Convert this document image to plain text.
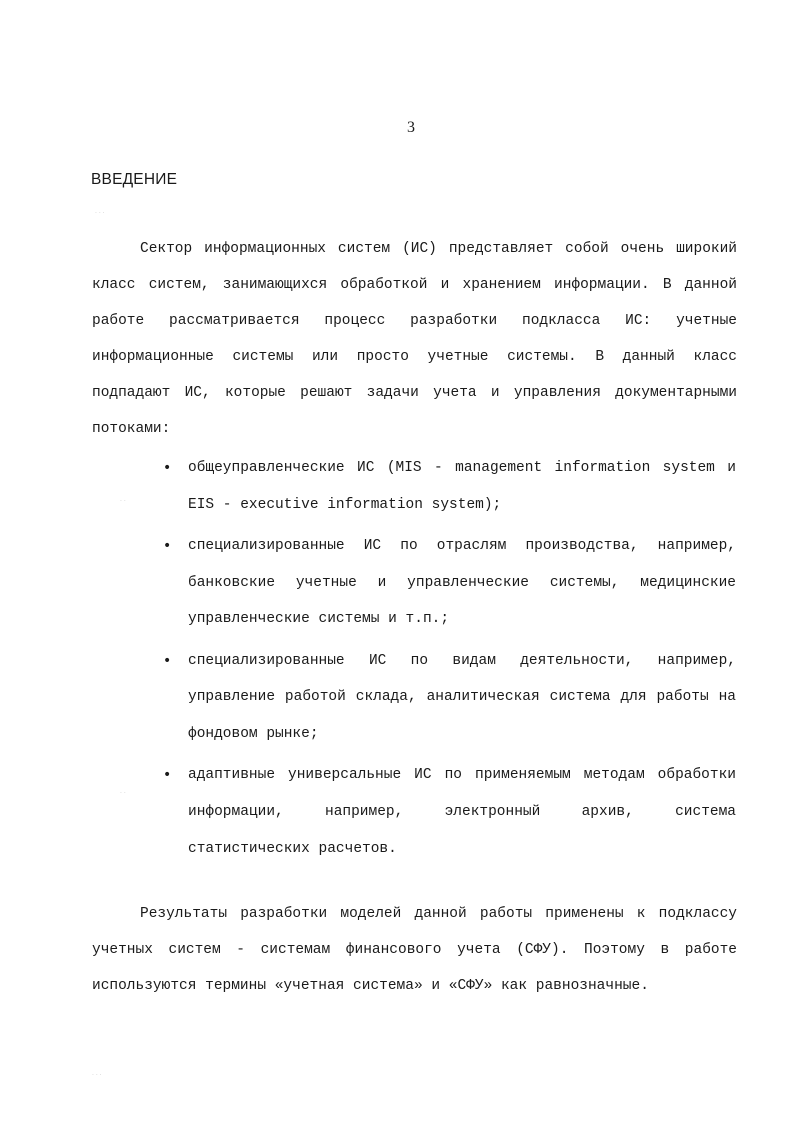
3
ВВЕДЕНИЕ

Сектор информационных систем (ИС) представляет собой очень широкий класс систем, занимающихся обработкой и хранением информации. В данной работе рассматривается процесс разработки подкласса ИС: учетные информационные системы или просто учетные системы. В данный класс подпадают ИС, которые решают задачи учета и управления документарными потоками:

• общеуправленческие ИС (MIS - management information system и EIS - executive information system);
• специализированные ИС по отраслям производства, например, банковские учетные и управленческие системы, медицинские управленческие системы и т.п.;
• специализированные ИС по видам деятельности, например, управление работой склада, аналитическая система для работы на фондовом рынке;
• адаптивные универсальные ИС по применяемым методам обработки информации, например, электронный архив, система статистических расчетов.

Результаты разработки моделей данной работы применены к подклассу учетных систем - системам финансового учета (СФУ). Поэтому в работе используются термины «учетная система» и «СФУ» как равнозначные.

· · ·
· ·
· ·
· · ·
